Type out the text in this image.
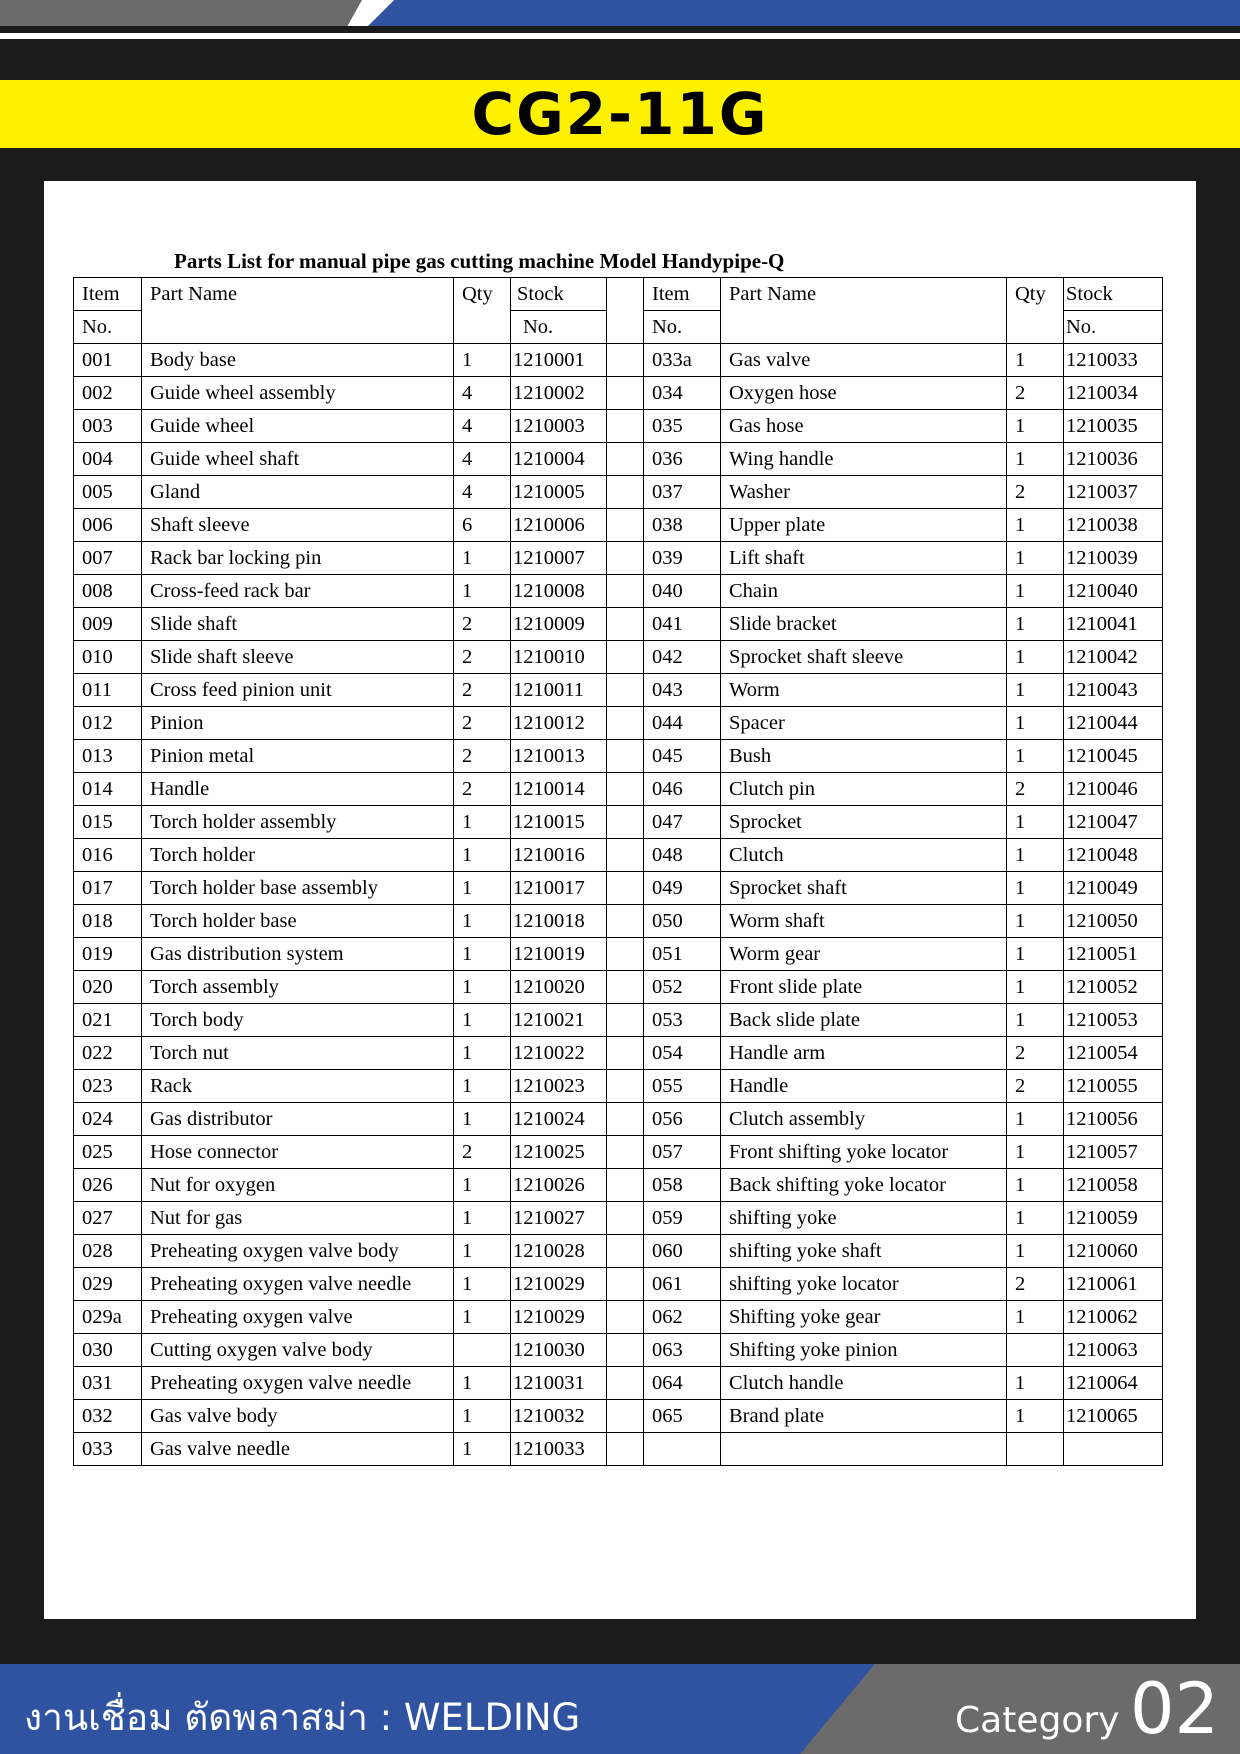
CG2-11G
Parts List for manual pipe gas cutting machine Model Handypipe-Q
Item	Part Name	Qty	Stock		Item	Part Name	Qty	Stock
No.			No.		No.			No.
001	Body base	1	1210001		033a	Gas valve	1	1210033
002	Guide wheel assembly	4	1210002		034	Oxygen hose	2	1210034
003	Guide wheel	4	1210003		035	Gas hose	1	1210035
004	Guide wheel shaft	4	1210004		036	Wing handle	1	1210036
005	Gland	4	1210005		037	Washer	2	1210037
006	Shaft sleeve	6	1210006		038	Upper plate	1	1210038
007	Rack bar locking pin	1	1210007		039	Lift shaft	1	1210039
008	Cross-feed rack bar	1	1210008		040	Chain	1	1210040
009	Slide shaft	2	1210009		041	Slide bracket	1	1210041
010	Slide shaft sleeve	2	1210010		042	Sprocket shaft sleeve	1	1210042
011	Cross feed pinion unit	2	1210011		043	Worm	1	1210043
012	Pinion	2	1210012		044	Spacer	1	1210044
013	Pinion metal	2	1210013		045	Bush	1	1210045
014	Handle	2	1210014		046	Clutch pin	2	1210046
015	Torch holder assembly	1	1210015		047	Sprocket	1	1210047
016	Torch holder	1	1210016		048	Clutch	1	1210048
017	Torch holder base assembly	1	1210017		049	Sprocket shaft	1	1210049
018	Torch holder base	1	1210018		050	Worm shaft	1	1210050
019	Gas distribution system	1	1210019		051	Worm gear	1	1210051
020	Torch assembly	1	1210020		052	Front slide plate	1	1210052
021	Torch body	1	1210021		053	Back slide plate	1	1210053
022	Torch nut	1	1210022		054	Handle arm	2	1210054
023	Rack	1	1210023		055	Handle	2	1210055
024	Gas distributor	1	1210024		056	Clutch assembly	1	1210056
025	Hose connector	2	1210025		057	Front shifting yoke locator	1	1210057
026	Nut for oxygen	1	1210026		058	Back shifting yoke locator	1	1210058
027	Nut for gas	1	1210027		059	shifting yoke	1	1210059
028	Preheating oxygen valve body	1	1210028		060	shifting yoke shaft	1	1210060
029	Preheating oxygen valve needle	1	1210029		061	shifting yoke locator	2	1210061
029a	Preheating oxygen valve	1	1210029		062	Shifting yoke gear	1	1210062
030	Cutting oxygen valve body		1210030		063	Shifting yoke pinion		1210063
031	Preheating oxygen valve needle	1	1210031		064	Clutch handle	1	1210064
032	Gas valve body	1	1210032		065	Brand plate	1	1210065
033	Gas valve needle	1	1210033					
งานเชื่อม ตัดพลาสม่า : WELDING	Category 02
